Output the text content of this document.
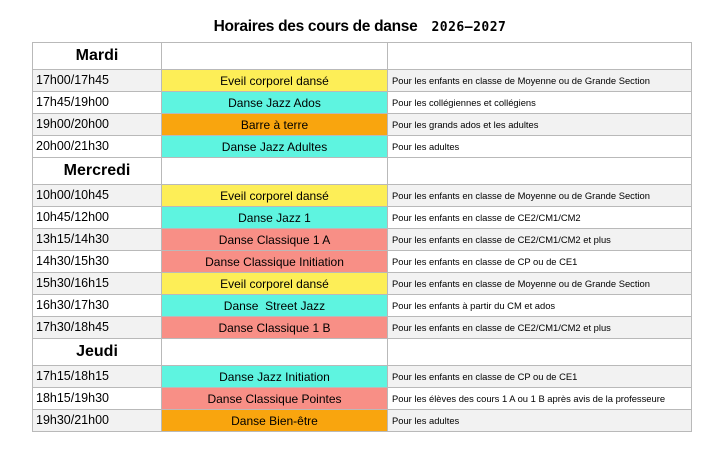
Horaires des cours de danse 2026–2027
Mardi		
17h00/17h45	Eveil corporel dansé	Pour les enfants en classe de Moyenne ou de Grande Section
17h45/19h00	Danse Jazz Ados	Pour les collégiennes et collégiens
19h00/20h00	Barre à terre	Pour les grands ados et les adultes
20h00/21h30	Danse Jazz Adultes	Pour les adultes
Mercredi		
10h00/10h45	Eveil corporel dansé	Pour les enfants en classe de Moyenne ou de Grande Section
10h45/12h00	Danse Jazz 1	Pour les enfants en classe de CE2/CM1/CM2
13h15/14h30	Danse Classique 1 A	Pour les enfants en classe de CE2/CM1/CM2 et plus
14h30/15h30	Danse Classique Initiation	Pour les enfants en classe de CP ou de CE1
15h30/16h15	Eveil corporel dansé	Pour les enfants en classe de Moyenne ou de Grande Section
16h30/17h30	Danse  Street Jazz	Pour les enfants à partir du CM et ados
17h30/18h45	Danse Classique 1 B	Pour les enfants en classe de CE2/CM1/CM2 et plus
Jeudi		
17h15/18h15	Danse Jazz Initiation	Pour les enfants en classe de CP ou de CE1
18h15/19h30	Danse Classique Pointes	Pour les élèves des cours 1 A ou 1 B après avis de la professeure
19h30/21h00	Danse Bien-être	Pour les adultes
